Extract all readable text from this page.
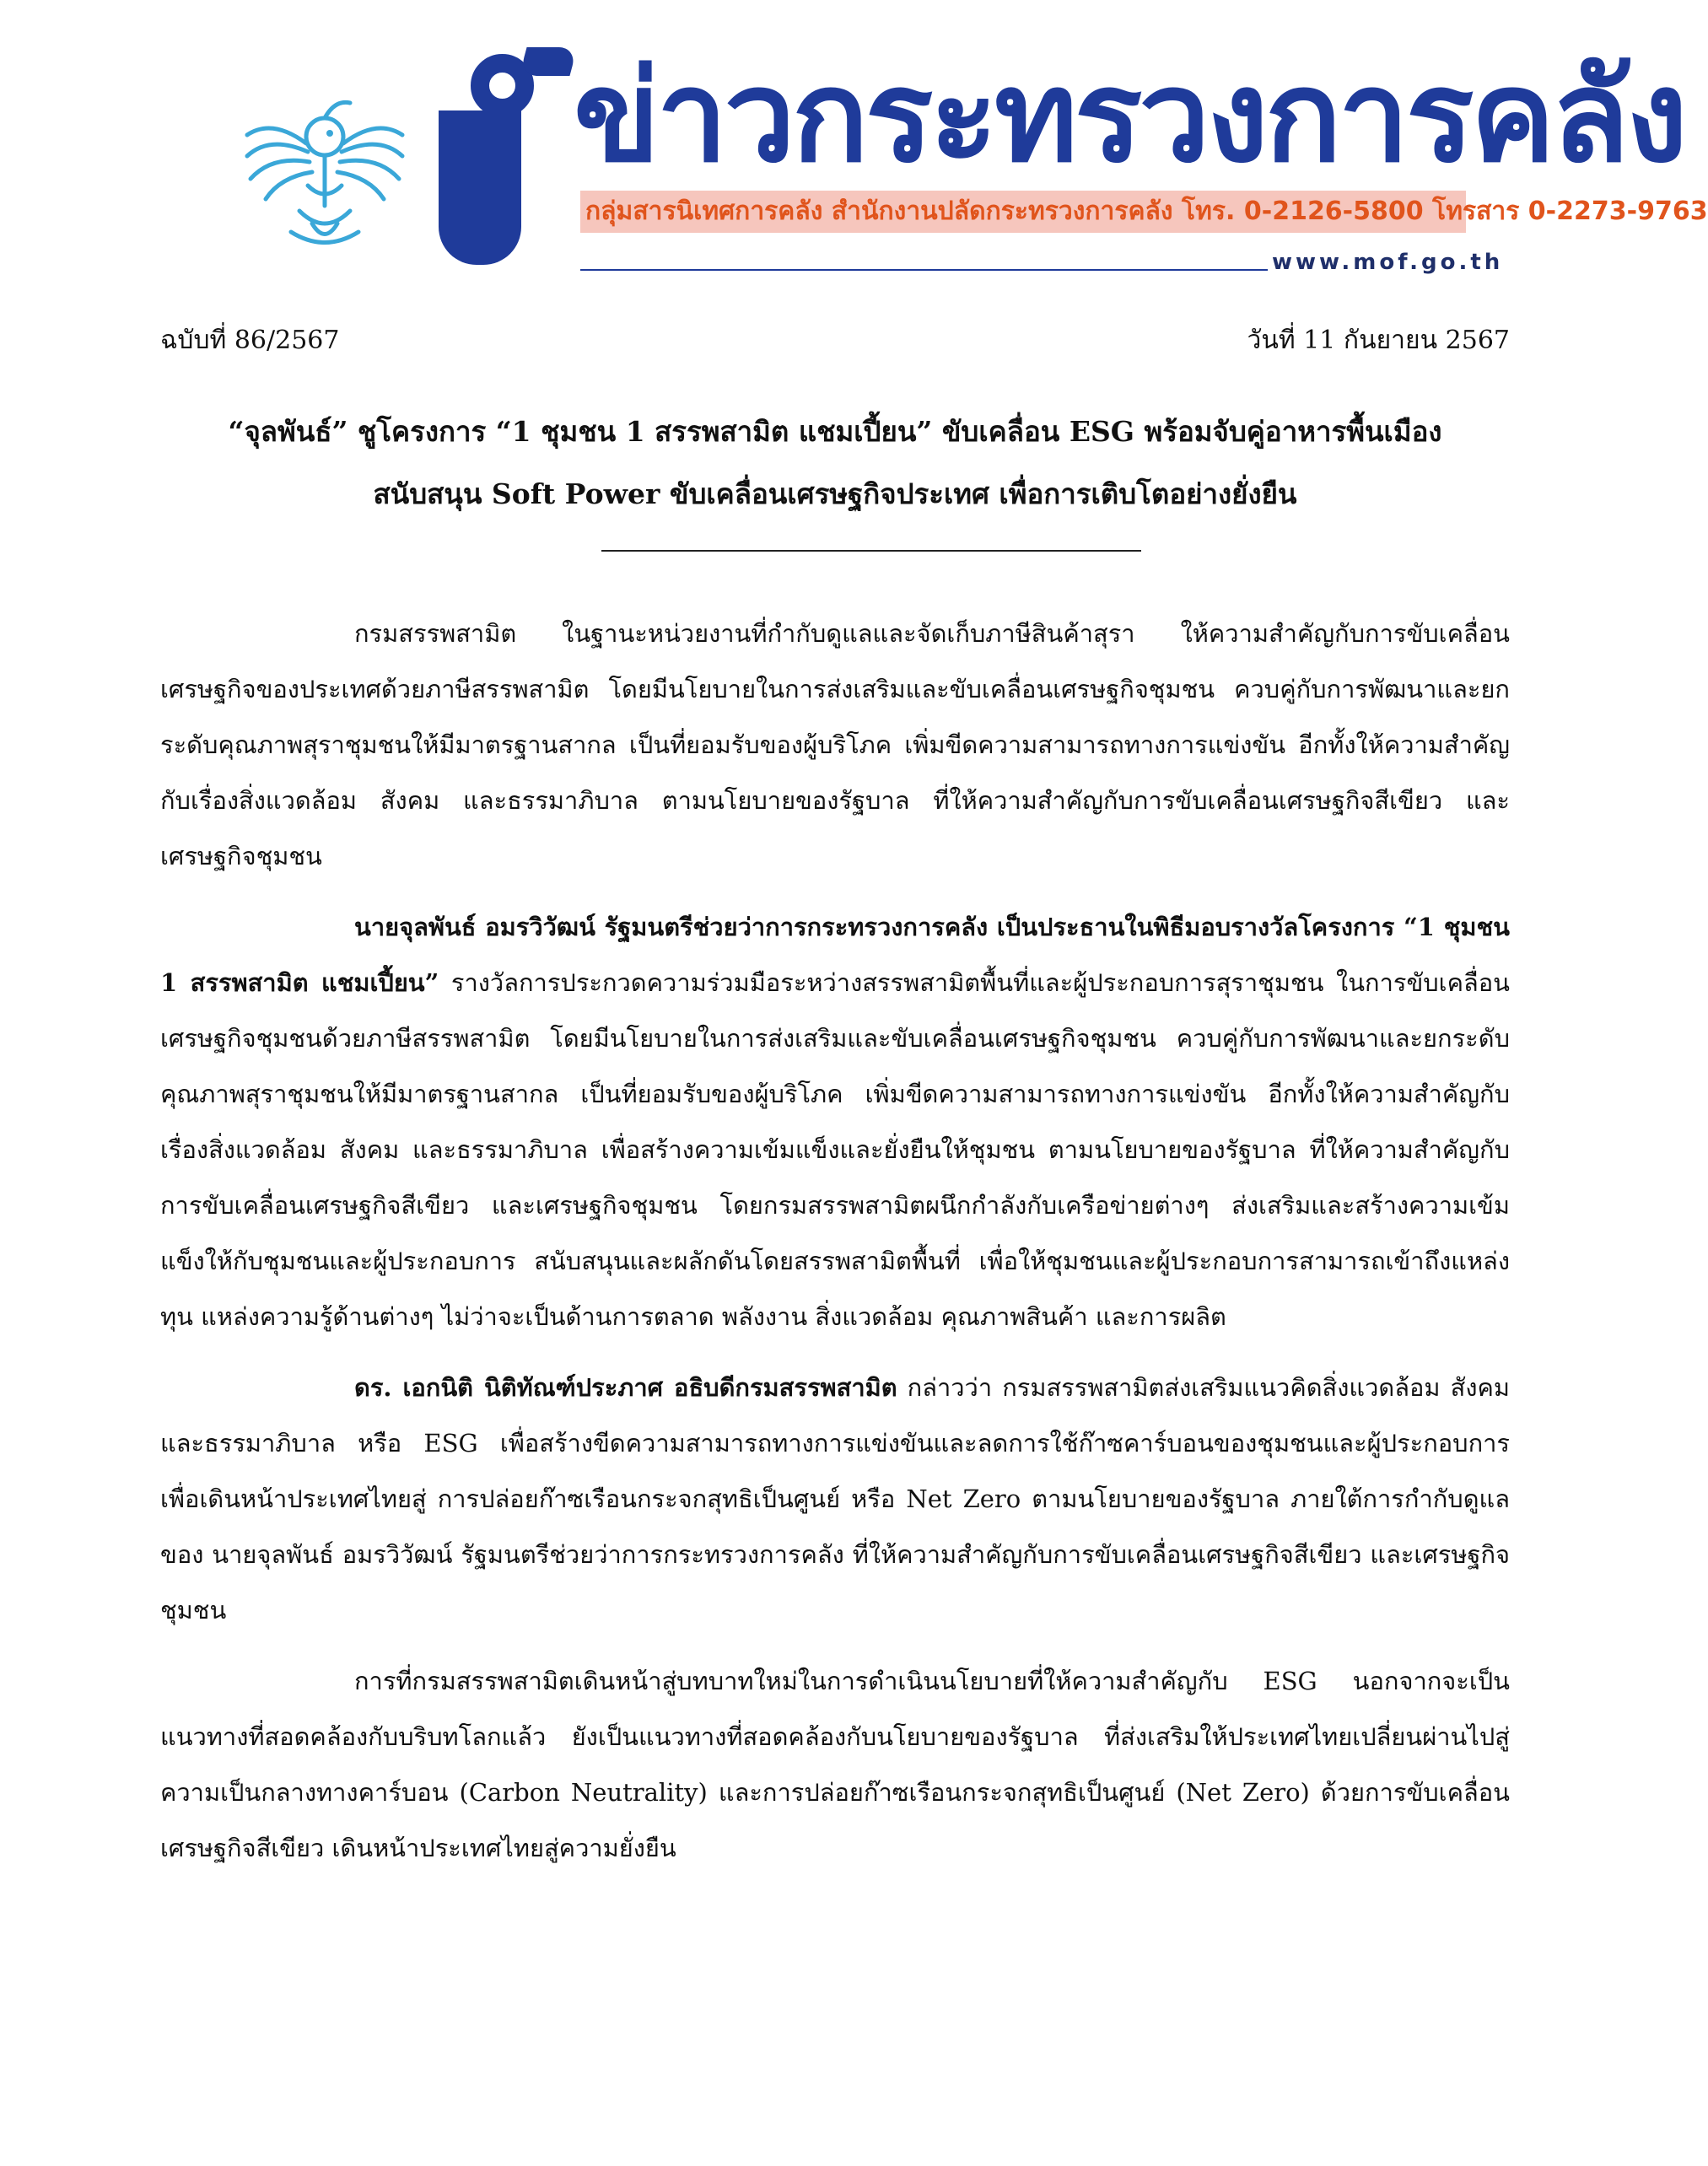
ข่าวกระทรวงการคลัง
กลุ่มสารนิเทศการคลัง สำนักงานปลัดกระทรวงการคลัง โทร. 0-2126-5800 โทรสาร 0-2273-9763
www.mof.go.th
ฉบับที่ 86/2567	วันที่ 11 กันยายน 2567
“จุลพันธ์” ชูโครงการ “1 ชุมชน 1 สรรพสามิต แชมเปี้ยน” ขับเคลื่อน ESG พร้อมจับคู่อาหารพื้นเมือง
สนับสนุน Soft Power ขับเคลื่อนเศรษฐกิจประเทศ เพื่อการเติบโตอย่างยั่งยืน

กรมสรรพสามิต ในฐานะหน่วยงานที่กำกับดูแลและจัดเก็บภาษีสินค้าสุรา ให้ความสำคัญกับการขับเคลื่อนเศรษฐกิจของประเทศด้วยภาษีสรรพสามิต โดยมีนโยบายในการส่งเสริมและขับเคลื่อนเศรษฐกิจชุมชน ควบคู่กับการพัฒนาและยกระดับคุณภาพสุราชุมชนให้มีมาตรฐานสากล เป็นที่ยอมรับของผู้บริโภค เพิ่มขีดความสามารถทางการแข่งขัน อีกทั้งให้ความสำคัญกับเรื่องสิ่งแวดล้อม สังคม และธรรมาภิบาล ตามนโยบายของรัฐบาล ที่ให้ความสำคัญกับการขับเคลื่อนเศรษฐกิจสีเขียว และเศรษฐกิจชุมชน

นายจุลพันธ์ อมรวิวัฒน์ รัฐมนตรีช่วยว่าการกระทรวงการคลัง เป็นประธานในพิธีมอบรางวัลโครงการ “1 ชุมชน 1 สรรพสามิต แชมเปี้ยน” รางวัลการประกวดความร่วมมือระหว่างสรรพสามิตพื้นที่และผู้ประกอบการสุราชุมชน ในการขับเคลื่อนเศรษฐกิจชุมชนด้วยภาษีสรรพสามิต โดยมีนโยบายในการส่งเสริมและขับเคลื่อนเศรษฐกิจชุมชน ควบคู่กับการพัฒนาและยกระดับคุณภาพสุราชุมชนให้มีมาตรฐานสากล เป็นที่ยอมรับของผู้บริโภค เพิ่มขีดความสามารถทางการแข่งขัน อีกทั้งให้ความสำคัญกับเรื่องสิ่งแวดล้อม สังคม และธรรมาภิบาล เพื่อสร้างความเข้มแข็งและยั่งยืนให้ชุมชน ตามนโยบายของรัฐบาล ที่ให้ความสำคัญกับการขับเคลื่อนเศรษฐกิจสีเขียว และเศรษฐกิจชุมชน โดยกรมสรรพสามิตผนึกกำลังกับเครือข่ายต่างๆ ส่งเสริมและสร้างความเข้มแข็งให้กับชุมชนและผู้ประกอบการ สนับสนุนและผลักดันโดยสรรพสามิตพื้นที่ เพื่อให้ชุมชนและผู้ประกอบการสามารถเข้าถึงแหล่งทุน แหล่งความรู้ด้านต่างๆ ไม่ว่าจะเป็นด้านการตลาด พลังงาน สิ่งแวดล้อม คุณภาพสินค้า และการผลิต

ดร. เอกนิติ นิติทัณฑ์ประภาศ อธิบดีกรมสรรพสามิต กล่าวว่า กรมสรรพสามิตส่งเสริมแนวคิดสิ่งแวดล้อม สังคม และธรรมาภิบาล หรือ ESG เพื่อสร้างขีดความสามารถทางการแข่งขันและลดการใช้ก๊าซคาร์บอนของชุมชนและผู้ประกอบการ เพื่อเดินหน้าประเทศไทยสู่ การปล่อยก๊าซเรือนกระจกสุทธิเป็นศูนย์ หรือ Net Zero ตามนโยบายของรัฐบาล ภายใต้การกำกับดูแลของ นายจุลพันธ์ อมรวิวัฒน์ รัฐมนตรีช่วยว่าการกระทรวงการคลัง ที่ให้ความสำคัญกับการขับเคลื่อนเศรษฐกิจสีเขียว และเศรษฐกิจชุมชน

การที่กรมสรรพสามิตเดินหน้าสู่บทบาทใหม่ในการดำเนินนโยบายที่ให้ความสำคัญกับ ESG นอกจากจะเป็นแนวทางที่สอดคล้องกับบริบทโลกแล้ว ยังเป็นแนวทางที่สอดคล้องกับนโยบายของรัฐบาล ที่ส่งเสริมให้ประเทศไทยเปลี่ยนผ่านไปสู่ความเป็นกลางทางคาร์บอน (Carbon Neutrality) และการปล่อยก๊าซเรือนกระจกสุทธิเป็นศูนย์ (Net Zero) ด้วยการขับเคลื่อนเศรษฐกิจสีเขียว เดินหน้าประเทศไทยสู่ความยั่งยืน
